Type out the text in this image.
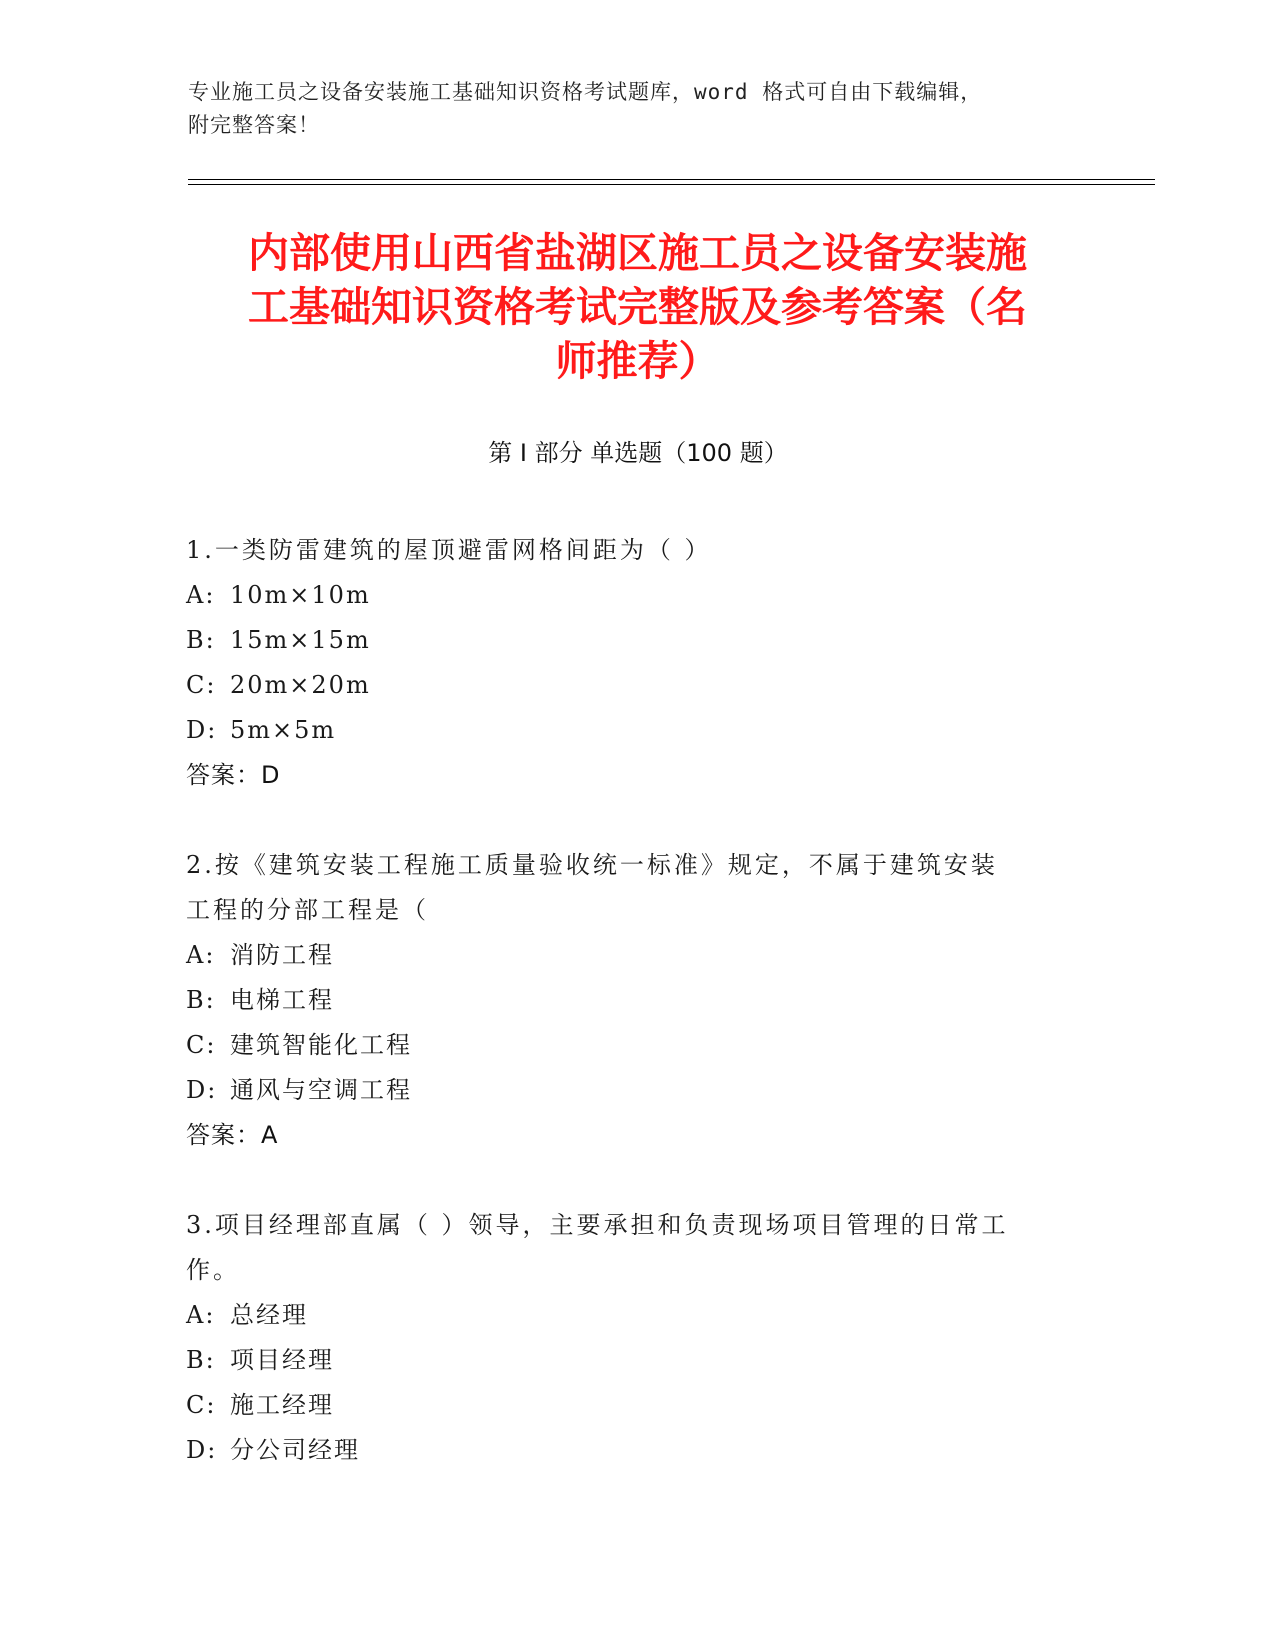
专业施工员之设备安装施工基础知识资格考试题库，word 格式可自由下载编辑，
附完整答案！
内部使用山西省盐湖区施工员之设备安装施
工基础知识资格考试完整版及参考答案（名
师推荐）
第 I 部分 单选题（100 题）
1.一类防雷建筑的屋顶避雷网格间距为（ ）
A: 10m×10m
B: 15m×15m
C: 20m×20m
D: 5m×5m
答案：D
2.按《建筑安装工程施工质量验收统一标准》规定，不属于建筑安装
工程的分部工程是（
A: 消防工程
B: 电梯工程
C: 建筑智能化工程
D: 通风与空调工程
答案：A
3.项目经理部直属（ ）领导，主要承担和负责现场项目管理的日常工
作。
A: 总经理
B: 项目经理
C: 施工经理
D: 分公司经理
